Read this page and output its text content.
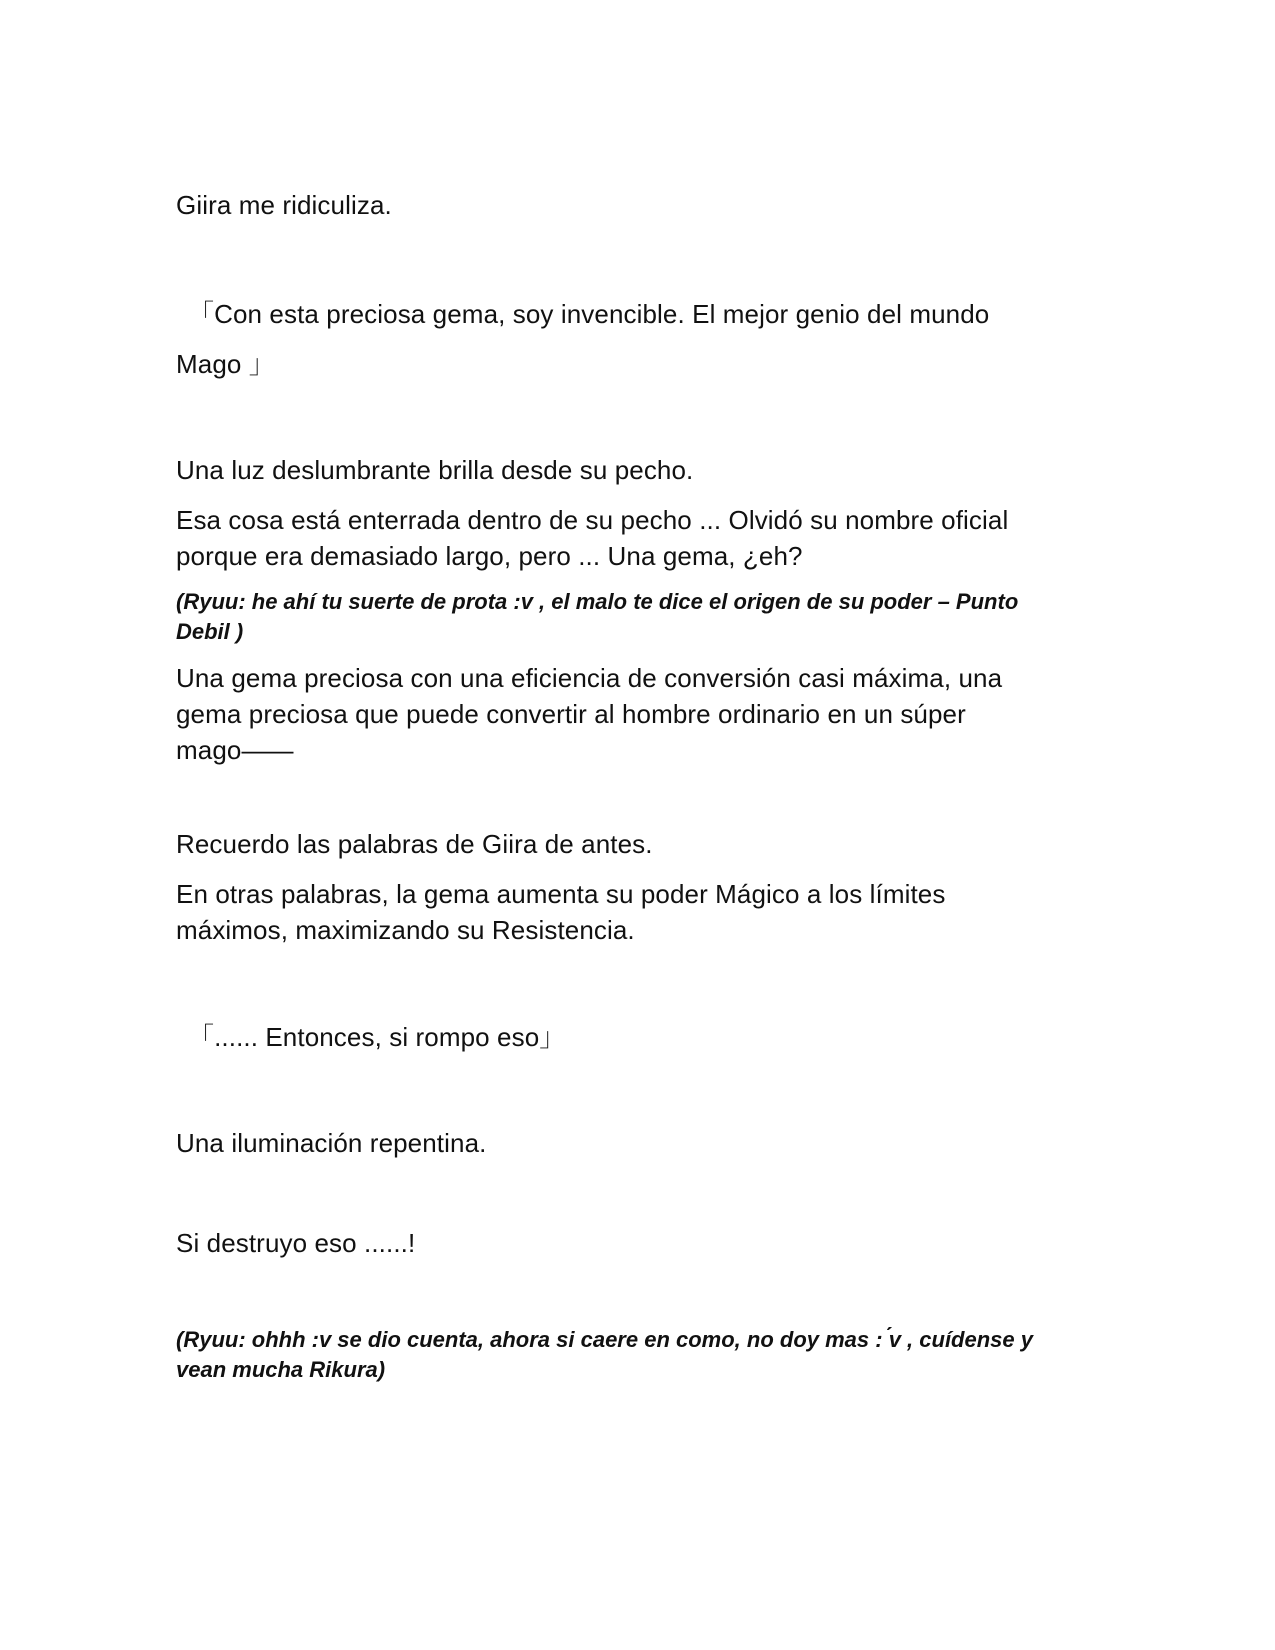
Giira me ridiculiza.

「Con esta preciosa gema, soy invencible. El mejor genio del mundo

Mago 」

Una luz deslumbrante brilla desde su pecho.

Esa cosa está enterrada dentro de su pecho ... Olvidó su nombre oficial
porque era demasiado largo, pero ... Una gema, ¿eh?

(Ryuu: he ahí tu suerte de prota :v , el malo te dice el origen de su poder – Punto
Debil )

Una gema preciosa con una eficiencia de conversión casi máxima, una
gema preciosa que puede convertir al hombre ordinario en un súper
mago――

Recuerdo las palabras de Giira de antes.

En otras palabras, la gema aumenta su poder Mágico a los límites
máximos, maximizando su Resistencia.

「...... Entonces, si rompo eso」

Una iluminación repentina.

Si destruyo eso ......!

(Ryuu: ohhh :v se dio cuenta, ahora si caere en como, no doy mas : ́v , cuídense y
vean mucha Rikura)
